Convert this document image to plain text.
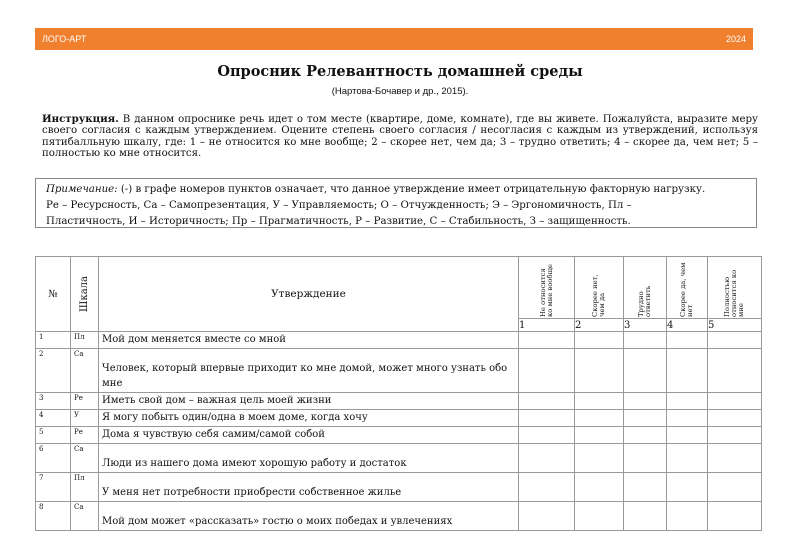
ЛОГО-АРТ	2024
Опросник Релевантность домашней среды
(Нартова-Бочавер и др., 2015).
Инструкция. В данном опроснике речь идет о том месте (квартире, доме, комнате), где вы живете. Пожалуйста, выразите меру своего согласия с каждым утверждением. Оцените степень своего согласия / несогласия с каждым из утверждений, используя пятибалльную шкалу, где: 1 – не относится ко мне вообще; 2 – скорее нет, чем да; 3 – трудно ответить; 4 – скорее да, чем нет; 5 – полностью ко мне относится.
Примечание: (-) в графе номеров пунктов означает, что данное утверждение имеет отрицательную факторную нагрузку.
Ре – Ресурсность, Са – Самопрезентация, У – Управляемость; О – Отчужденность; Э – Эргономичность, Пл –
Пластичность, И – Историчность; Пр – Прагматичность, Р – Развитие, С – Стабильность, З – защищенность.
№	Шкала	Утверждение	Не относится ко мне вообще	Скорее нет, чем да	Трудно ответить	Скорее да, чем нет	Полностью относится ко мне

			1	2	3	4	5
1	Пл	Мой дом меняется вместе со мной					
2	Са	Человек, который впервые приходит ко мне домой, может много узнать обо мне					
3	Ре	Иметь свой дом – важная цель моей жизни					
4	У	Я могу побыть один/одна в моем доме, когда хочу					
5	Ре	Дома я чувствую себя самим/самой собой					
6	Са	Люди из нашего дома имеют хорошую работу и достаток					
7	Пл	У меня нет потребности приобрести собственное жилье					
8	Са	Мой дом может «рассказать» гостю о моих победах и увлечениях					
